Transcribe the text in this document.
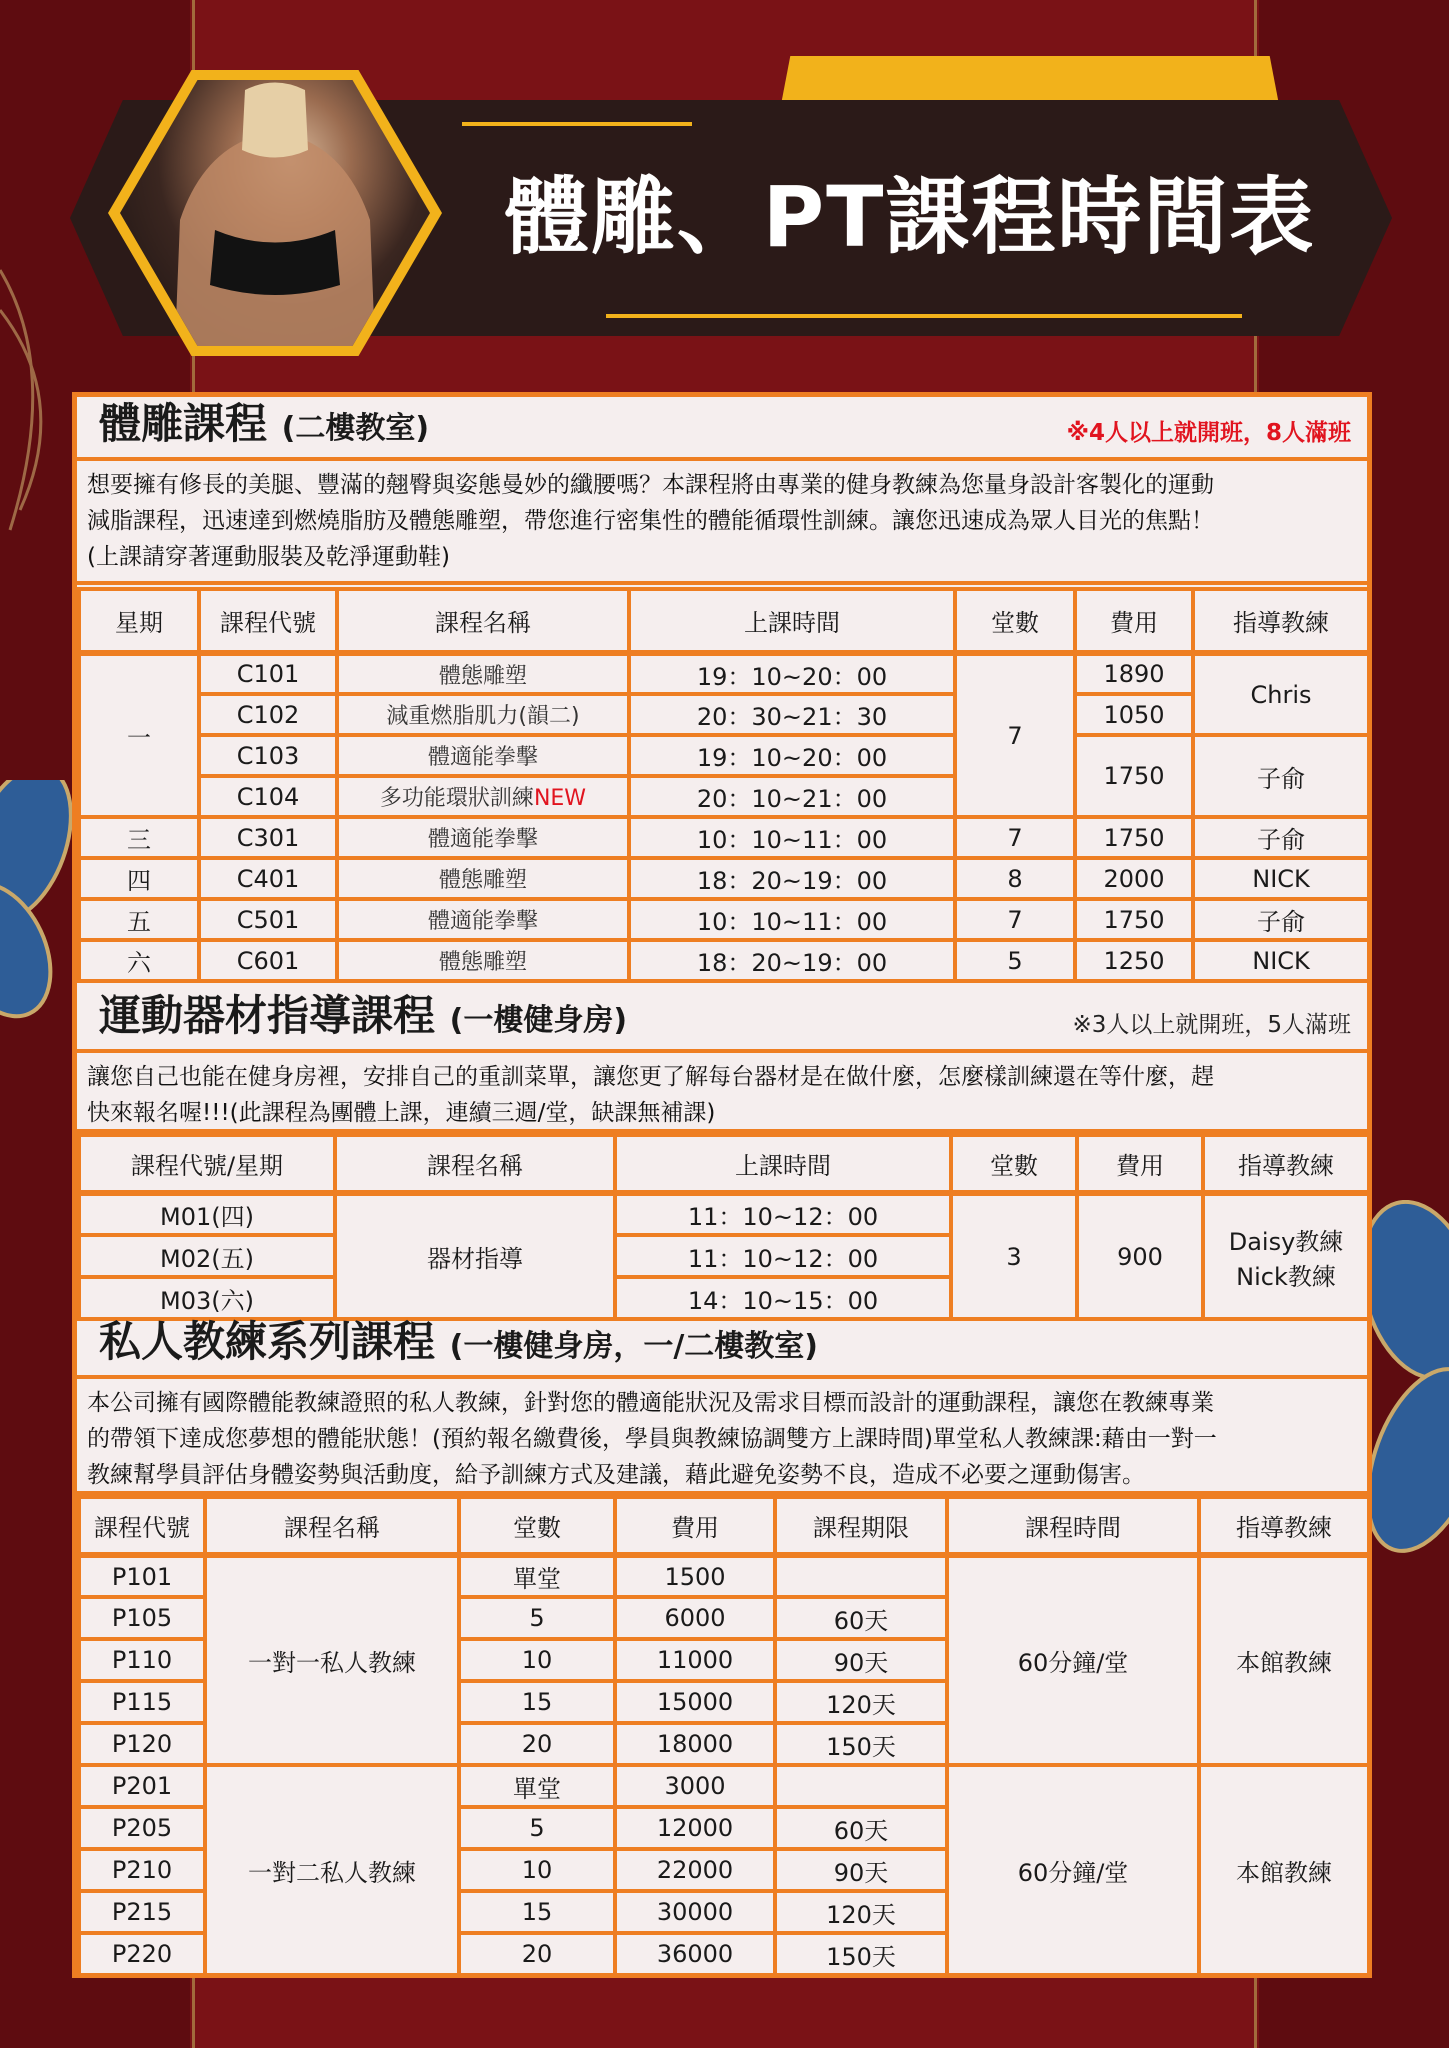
體雕、PT課程時間表
體雕課程 (二樓教室)	※4人以上就開班，8人滿班
想要擁有修長的美腿、豐滿的翹臀與姿態曼妙的纖腰嗎？本課程將由專業的健身教練為您量身設計客製化的運動
減脂課程，迅速達到燃燒脂肪及體態雕塑，帶您進行密集性的體能循環性訓練。讓您迅速成為眾人目光的焦點！
(上課請穿著運動服裝及乾淨運動鞋)
星期	課程代號	課程名稱	上課時間	堂數	費用	指導教練
一	C101	體態雕塑	19：10~20：00	7	1890	Chris
	C102	減重燃脂肌力(韻二)	20：30~21：30		1050	
	C103	體適能拳擊	19：10~20：00		1750	子俞
	C104	多功能環狀訓練NEW	20：10~21：00			
三	C301	體適能拳擊	10：10~11：00	7	1750	子俞
四	C401	體態雕塑	18：20~19：00	8	2000	NICK
五	C501	體適能拳擊	10：10~11：00	7	1750	子俞
六	C601	體態雕塑	18：20~19：00	5	1250	NICK
運動器材指導課程 (一樓健身房)	※3人以上就開班，5人滿班
讓您自己也能在健身房裡，安排自己的重訓菜單，讓您更了解每台器材是在做什麼，怎麼樣訓練還在等什麼，趕
快來報名喔!!!(此課程為團體上課，連續三週/堂，缺課無補課)
課程代號/星期	課程名稱	上課時間	堂數	費用	指導教練
M01(四)	器材指導	11：10~12：00	3	900	Daisy教練
Nick教練

M02(五)		11：10~12：00			
M03(六)		14：10~15：00			
私人教練系列課程 (一樓健身房，一/二樓教室)
本公司擁有國際體能教練證照的私人教練，針對您的體適能狀況及需求目標而設計的運動課程，讓您在教練專業
的帶領下達成您夢想的體能狀態！(預約報名繳費後，學員與教練協調雙方上課時間)單堂私人教練課:藉由一對一
教練幫學員評估身體姿勢與活動度，給予訓練方式及建議，藉此避免姿勢不良，造成不必要之運動傷害。
課程代號	課程名稱	堂數	費用	課程期限	課程時間	指導教練
P101	一對一私人教練	單堂	1500		60分鐘/堂	本館教練
P105		5	6000	60天		
P110		10	11000	90天		
P115		15	15000	120天		
P120		20	18000	150天		
P201	一對二私人教練	單堂	3000		60分鐘/堂	本館教練
P205		5	12000	60天		
P210		10	22000	90天		
P215		15	30000	120天		
P220		20	36000	150天		
